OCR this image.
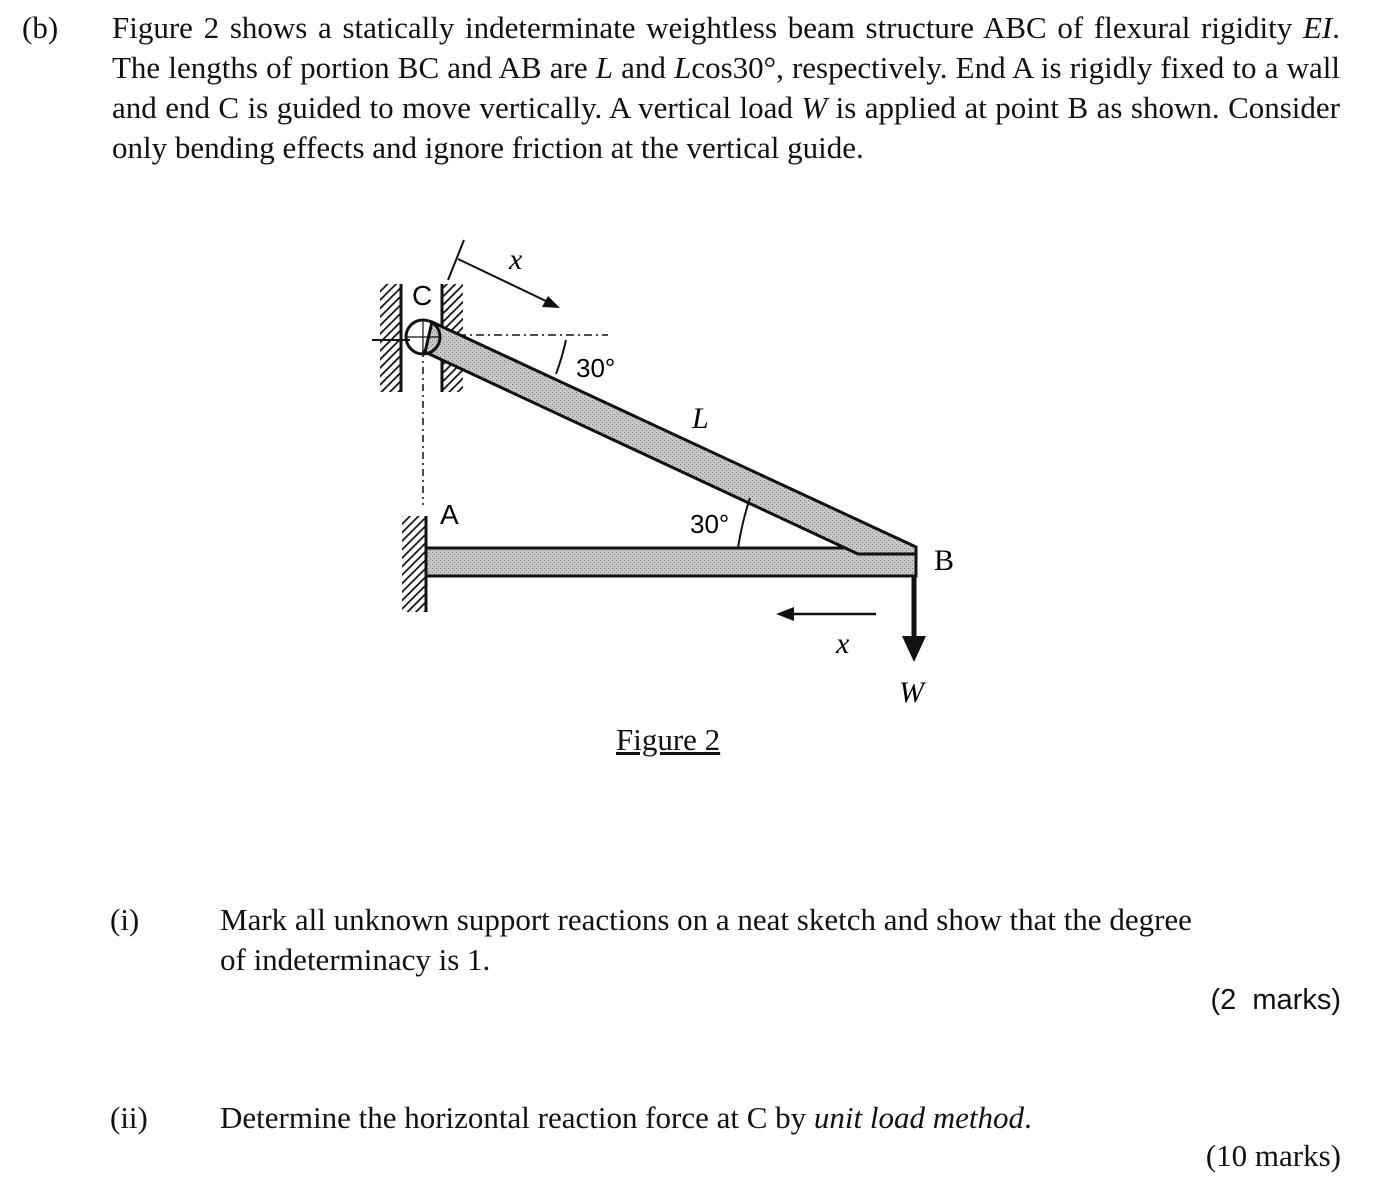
(b) Figure 2 shows a statically indeterminate weightless beam structure ABC of flexural rigidity EI. The lengths of portion BC and AB are L and Lcos30°, respectively. End A is rigidly fixed to a wall and end C is guided to move vertically. A vertical load W is applied at point B as shown. Consider only bending effects and ignore friction at the vertical guide.
C
A
B
L
W
x
x
30°
30°
Figure 2
(i)	Mark all unknown support reactions on a neat sketch and show that the degree
of indeterminacy is 1.
(2  marks)
(ii) Determine the horizontal reaction force at C by unit load method.
(10 marks)
